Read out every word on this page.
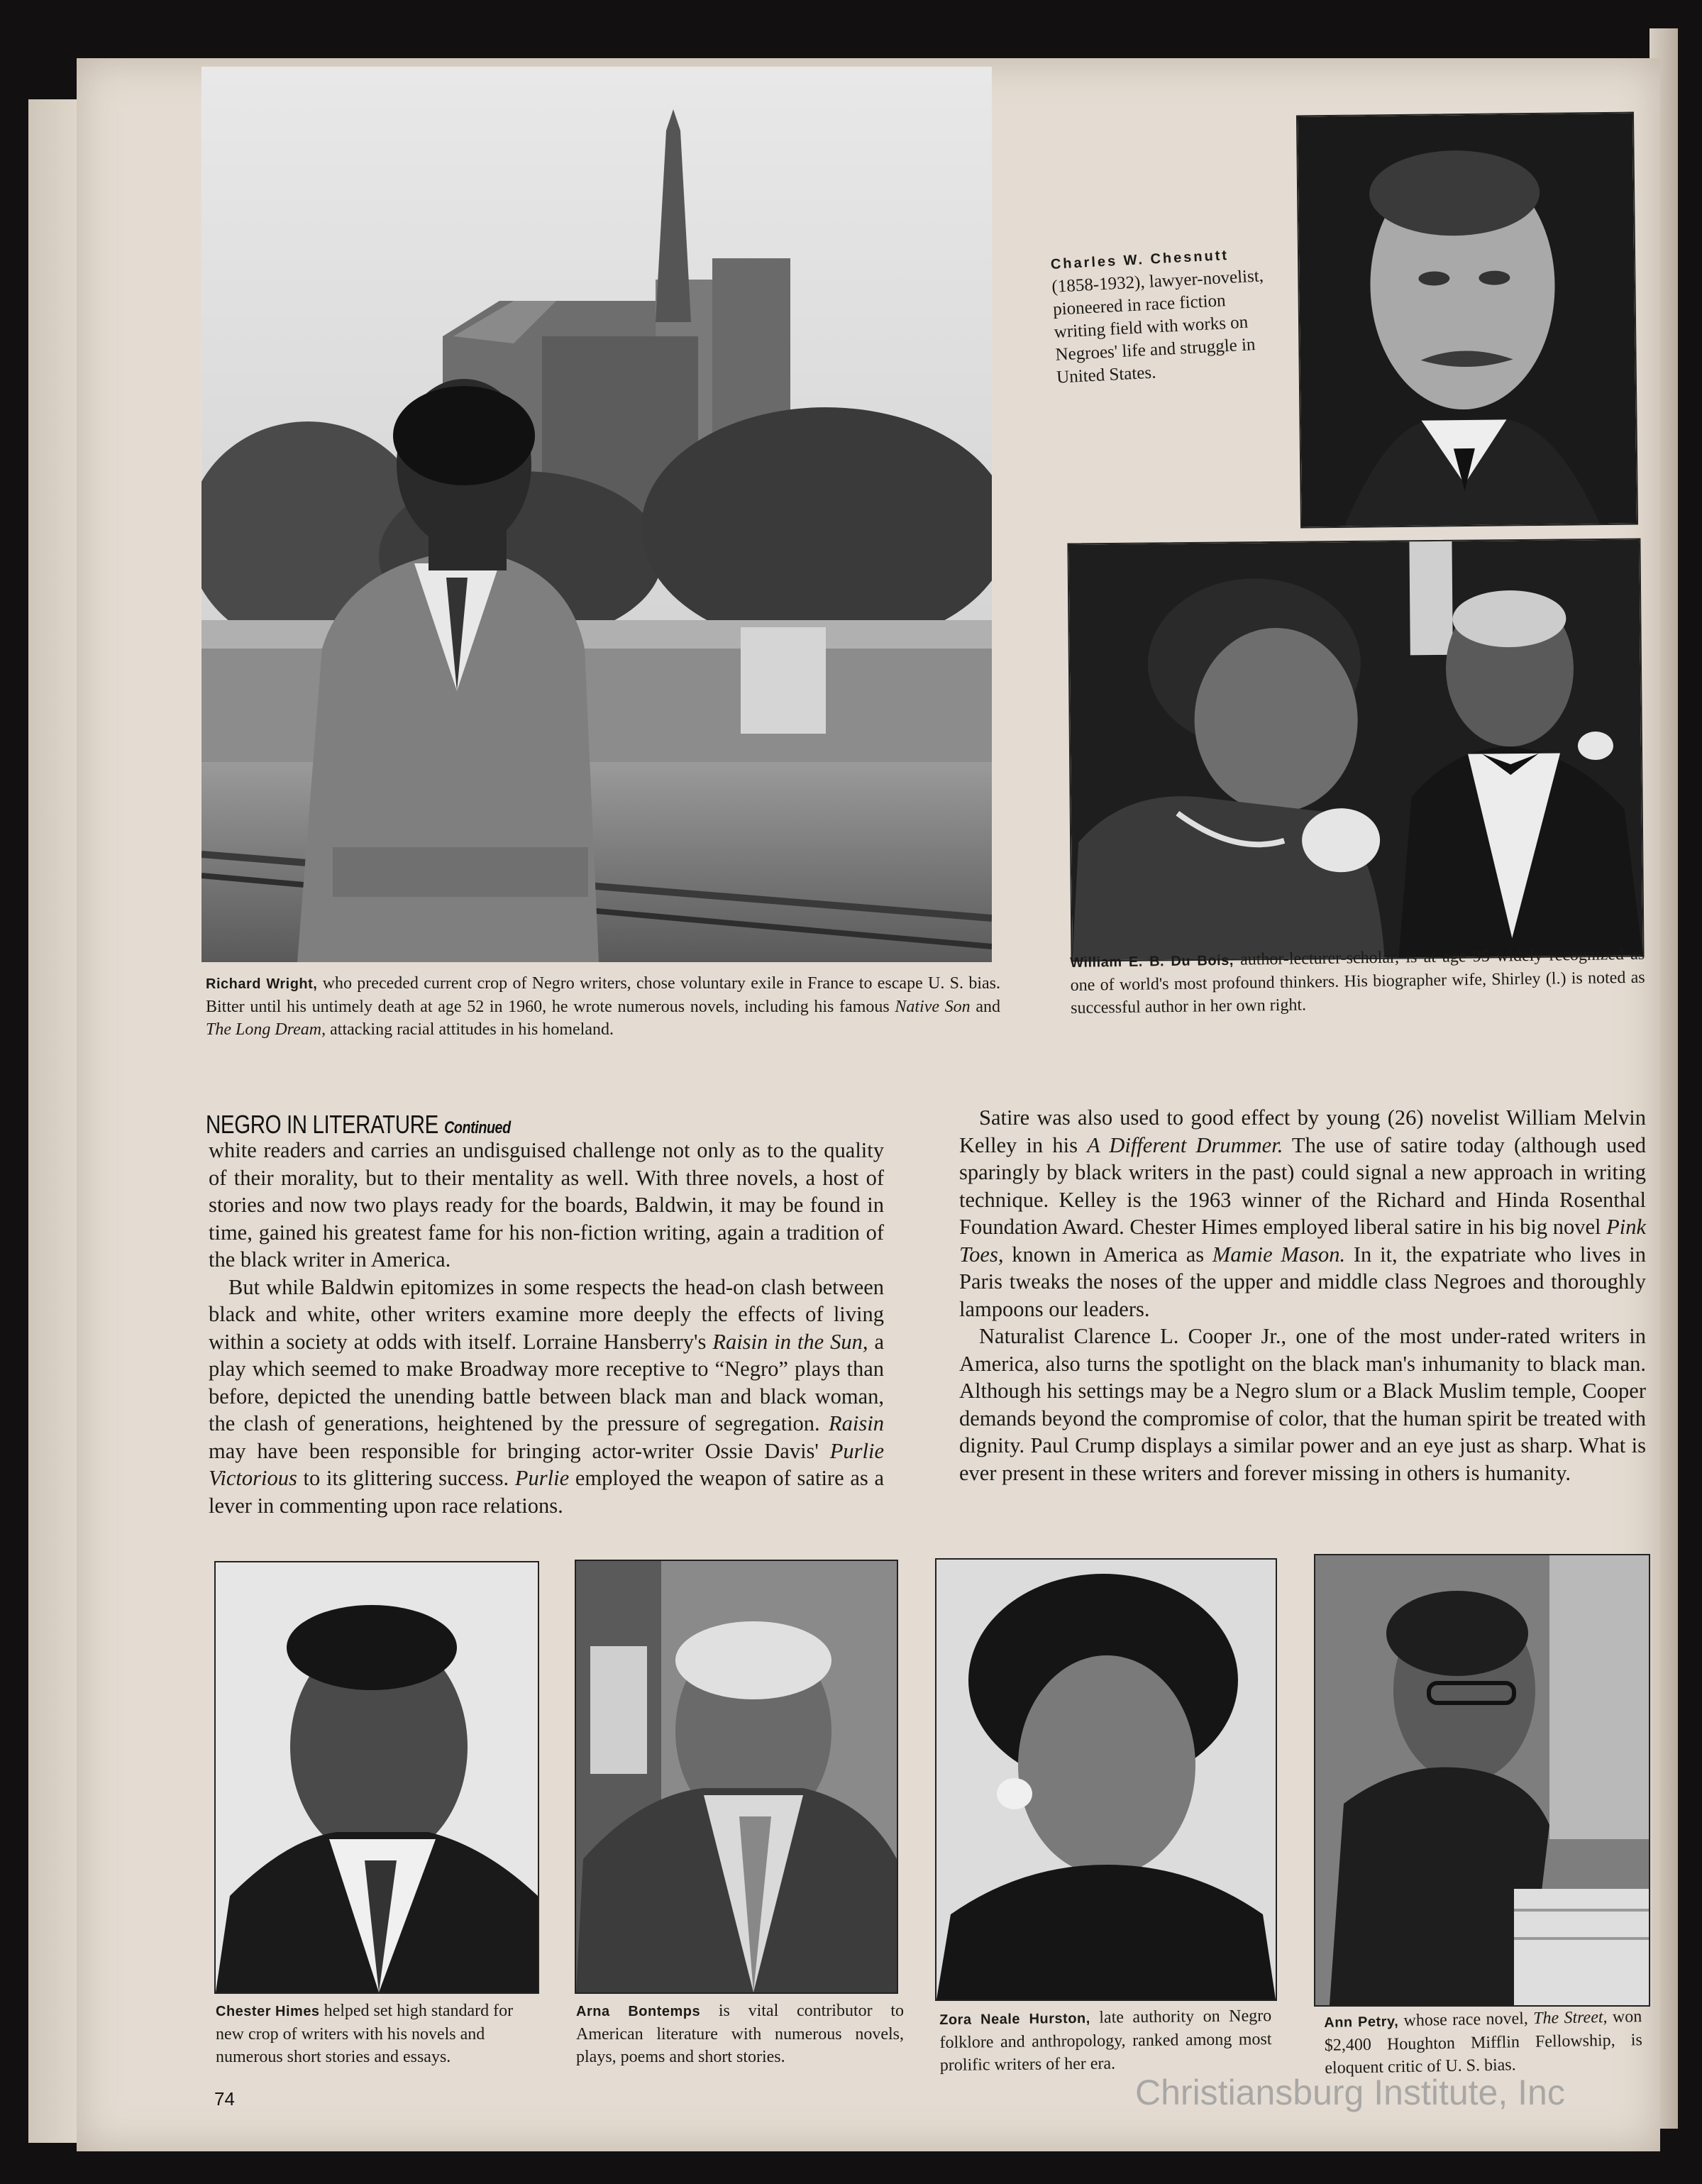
Richard Wright, who preceded current crop of Negro writers, chose voluntary exile in France to escape U. S. bias. Bitter until his untimely death at age 52 in 1960, he wrote numerous novels, including his famous Native Son and The Long Dream, attacking racial attitudes in his homeland.
Charles W. Chesnutt
(1858-1932), lawyer-novelist, pioneered in race fiction writing field with works on Negroes' life and struggle in United States.
William E. B. Du Bois, author-lecturer-scholar, is at age 95 widely recognized as one of world's most profound thinkers. His biographer wife, Shirley (l.) is noted as successful author in her own right.
NEGRO IN LITERATURE Continued

white readers and carries an undisguised challenge not only as to the quality of their morality, but to their mentality as well. With three novels, a host of stories and now two plays ready for the boards, Baldwin, it may be found in time, gained his greatest fame for his non-fiction writing, again a tradition of the black writer in America.

But while Baldwin epitomizes in some respects the head-on clash between black and white, other writers examine more deeply the effects of living within a society at odds with itself. Lorraine Hansberry's Raisin in the Sun, a play which seemed to make Broadway more receptive to “Negro” plays than before, depicted the unending battle between black man and black woman, the clash of generations, heightened by the pressure of segregation. Raisin may have been responsible for bringing actor-writer Ossie Davis' Purlie Victorious to its glittering success. Purlie employed the weapon of satire as a lever in commenting upon race relations.

Satire was also used to good effect by young (26) novelist William Melvin Kelley in his A Different Drummer. The use of satire today (although used sparingly by black writers in the past) could signal a new approach in writing technique. Kelley is the 1963 winner of the Richard and Hinda Rosenthal Foundation Award. Chester Himes employed liberal satire in his big novel Pink Toes, known in America as Mamie Mason. In it, the expatriate who lives in Paris tweaks the noses of the upper and middle class Negroes and thoroughly lampoons our leaders.

Naturalist Clarence L. Cooper Jr., one of the most under-rated writers in America, also turns the spotlight on the black man's inhumanity to black man. Although his settings may be a Negro slum or a Black Muslim temple, Cooper demands beyond the compromise of color, that the human spirit be treated with dignity. Paul Crump displays a similar power and an eye just as sharp. What is ever present in these writers and forever missing in others is humanity.

Chester Himes helped set high standard for new crop of writers with his novels and numerous short stories and essays.
Arna Bontemps is vital contributor to American literature with numerous novels, plays, poems and short stories.
Zora Neale Hurston, late authority on Negro folklore and anthropology, ranked among most prolific writers of her era.
Ann Petry, whose race novel, The Street, won $2,400 Houghton Mifflin Fellowship, is eloquent critic of U. S. bias.
74	Christiansburg Institute, Inc
